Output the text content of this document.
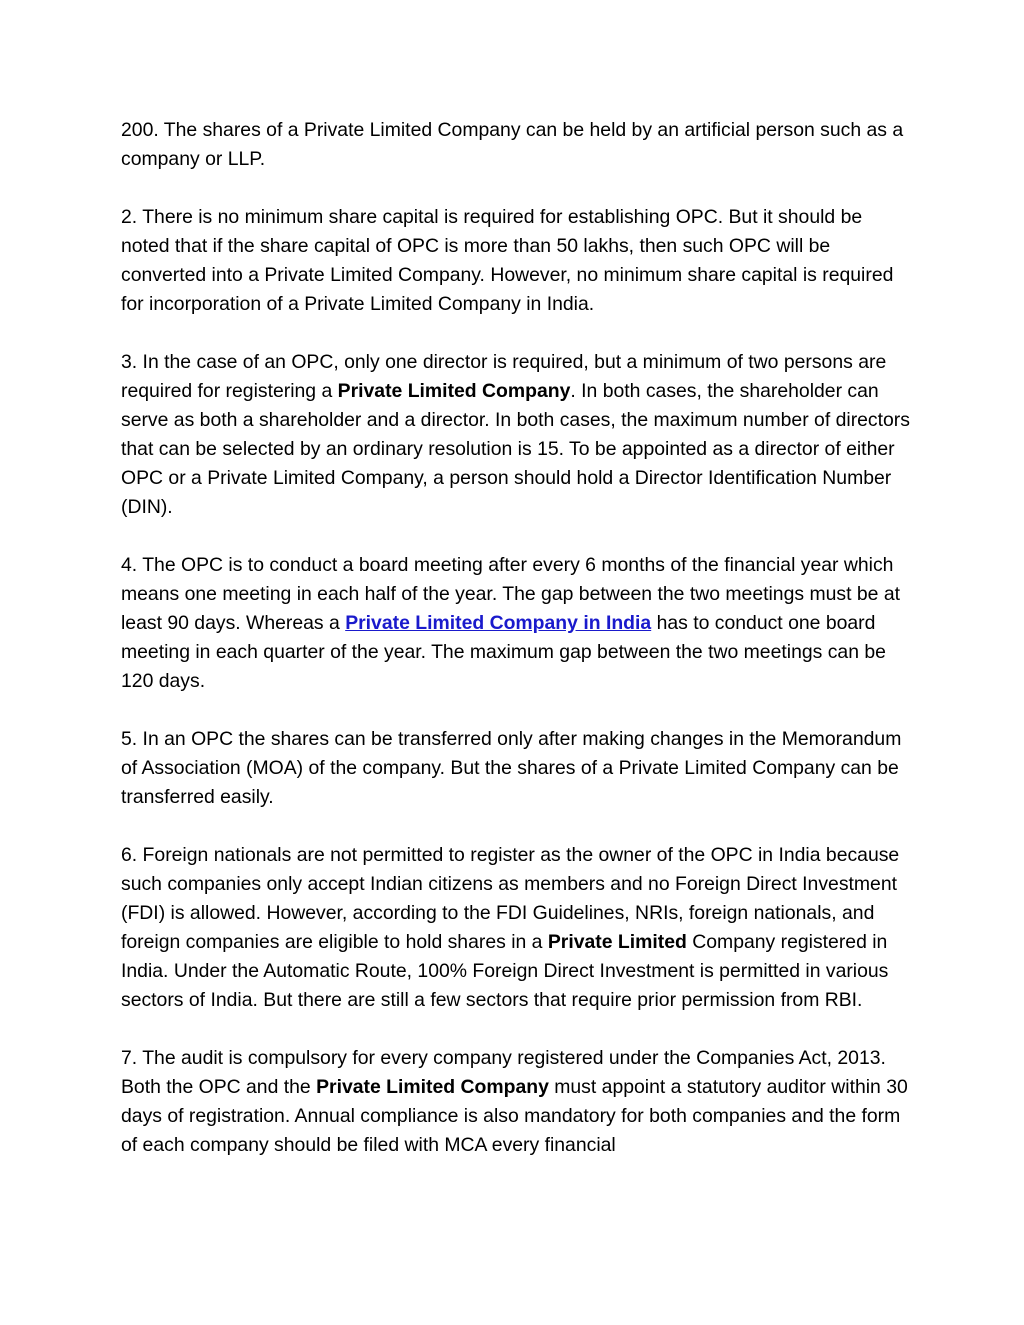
200. The shares of a Private Limited Company can be held by an artificial person such as a company or LLP.

2. There is no minimum share capital is required for establishing OPC. But it should be noted that if the share capital of OPC is more than 50 lakhs, then such OPC will be converted into a Private Limited Company. However, no minimum share capital is required for incorporation of a Private Limited Company in India.

3. In the case of an OPC, only one director is required, but a minimum of two persons are required for registering a Private Limited Company. In both cases, the shareholder can serve as both a shareholder and a director. In both cases, the maximum number of directors that can be selected by an ordinary resolution is 15. To be appointed as a director of either OPC or a Private Limited Company, a person should hold a Director Identification Number (DIN).

4. The OPC is to conduct a board meeting after every 6 months of the financial year which means one meeting in each half of the year. The gap between the two meetings must be at least 90 days. Whereas a Private Limited Company in India has to conduct one board meeting in each quarter of the year. The maximum gap between the two meetings can be 120 days.

5. In an OPC the shares can be transferred only after making changes in the Memorandum of Association (MOA) of the company. But the shares of a Private Limited Company can be transferred easily.

6. Foreign nationals are not permitted to register as the owner of the OPC in India because such companies only accept Indian citizens as members and no Foreign Direct Investment (FDI) is allowed. However, according to the FDI Guidelines, NRIs, foreign nationals, and foreign companies are eligible to hold shares in a Private Limited Company registered in India. Under the Automatic Route, 100% Foreign Direct Investment is permitted in various sectors of India. But there are still a few sectors that require prior permission from RBI.

7. The audit is compulsory for every company registered under the Companies Act, 2013. Both the OPC and the Private Limited Company must appoint a statutory auditor within 30 days of registration. Annual compliance is also mandatory for both companies and the form of each company should be filed with MCA every financial
